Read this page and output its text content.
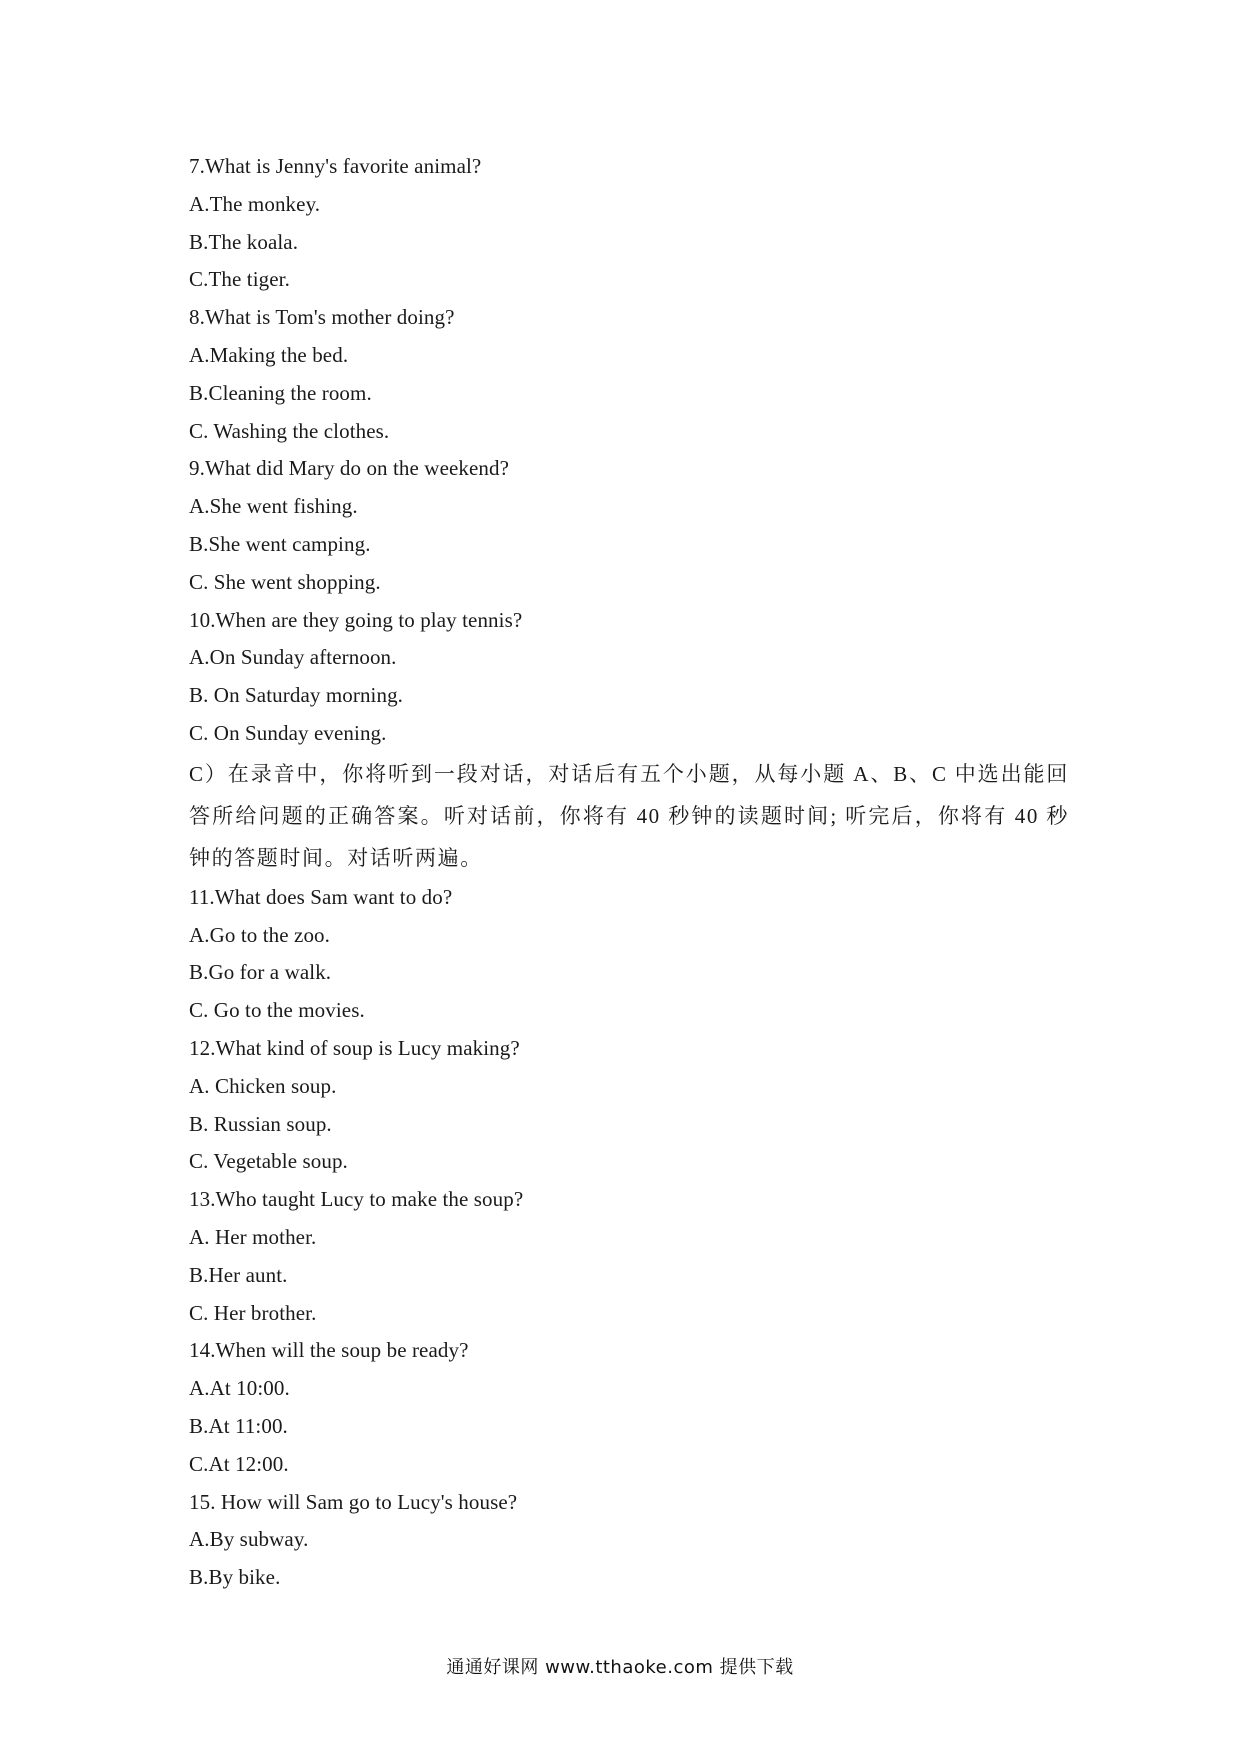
7.What is Jenny's favorite animal?
A.The monkey.
B.The koala.
C.The tiger.
8.What is Tom's mother doing?
A.Making the bed.
B.Cleaning the room.
C. Washing the clothes.
9.What did Mary do on the weekend?
A.She went fishing.
B.She went camping.
C. She went shopping.
10.When are they going to play tennis?
A.On Sunday afternoon.
B. On Saturday morning.
C. On Sunday evening.
C）在录音中，你将听到一段对话，对话后有五个小题，从每小题 A、B、C 中选出能回答所给问题的正确答案。听对话前，你将有 40 秒钟的读题时间; 听完后，你将有 40 秒钟的答题时间。对话听两遍。
11.What does Sam want to do?
A.Go to the zoo.
B.Go for a walk.
C. Go to the movies.
12.What kind of soup is Lucy making?
A. Chicken soup.
B. Russian soup.
C. Vegetable soup.
13.Who taught Lucy to make the soup?
A. Her mother.
B.Her aunt.
C. Her brother.
14.When will the soup be ready?
A.At 10:00.
B.At 11:00.
C.At 12:00.
15. How will Sam go to Lucy's house?
A.By subway.
B.By bike.
通通好课网 www.tthaoke.com 提供下载
